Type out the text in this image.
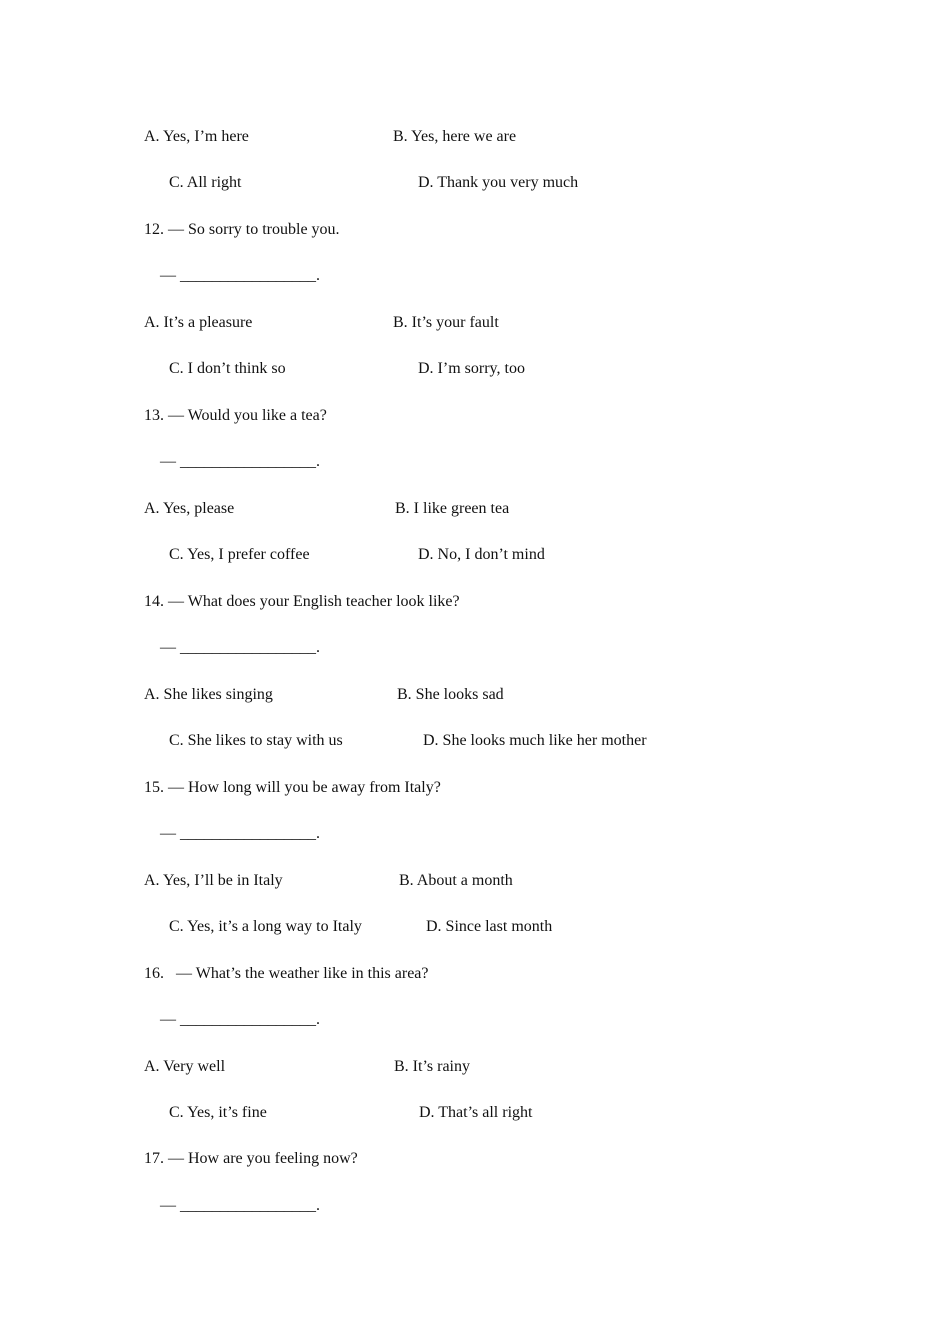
A. Yes, I’m here	B. Yes, here we are
C. All right	D. Thank you very much
12. — So sorry to trouble you.
— _________________.
A. It’s a pleasure	B. It’s your fault
C. I don’t think so	D. I’m sorry, too
13. — Would you like a tea?
— _________________.
A. Yes, please	B. I like green tea
C. Yes, I prefer coffee	D. No, I don’t mind
14. — What does your English teacher look like?
— _________________.
A. She likes singing	B. She looks sad
C. She likes to stay with us	D. She looks much like her mother
15. — How long will you be away from Italy?
— _________________.
A. Yes, I’ll be in Italy	B. About a month
C. Yes, it’s a long way to Italy	D. Since last month
16.   — What’s the weather like in this area?
— _________________.
A. Very well	B. It’s rainy
C. Yes, it’s fine	D. That’s all right
17. — How are you feeling now?
— _________________.
